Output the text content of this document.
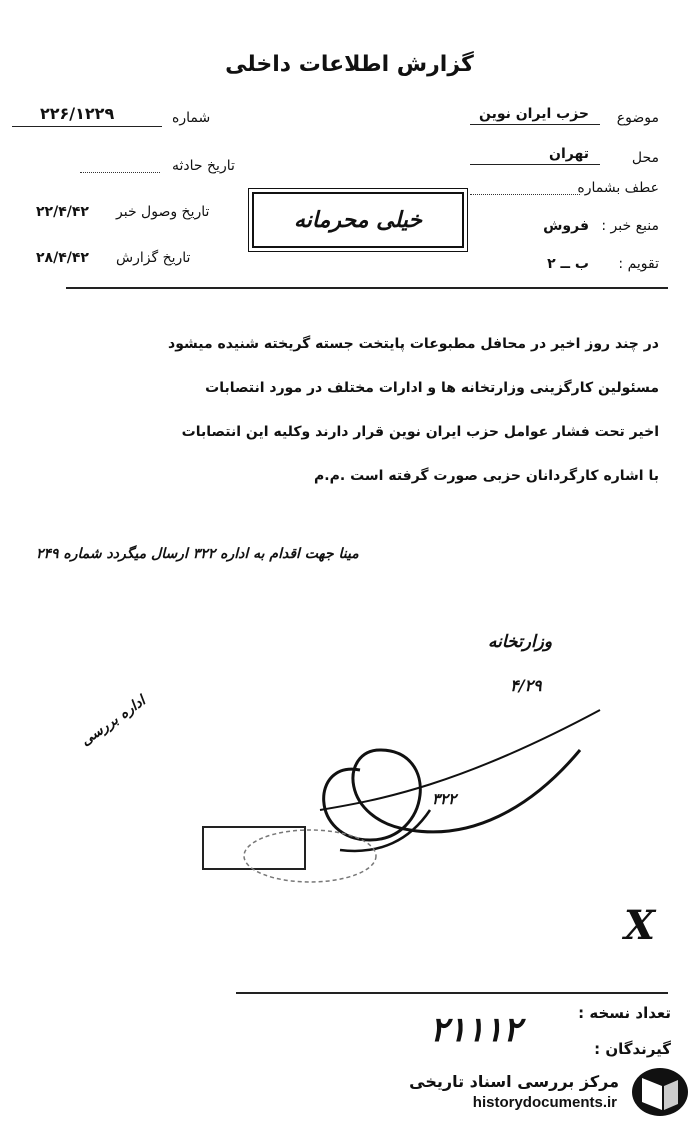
گزارش اطلاعات داخلی
۲۲۶/۱۲۲۹	شماره
تاریخ حادثه
۲۲/۴/۴۲ تاریخ وصول خبر
۲۸/۴/۴۲ تاریخ گزارش
موضوع
حزب ایران نوین
محل
تهران
عطف بشماره
منبع خبر :
فروش
تقویم :
ب ــ ۲
خیلی محرمانه
در چند روز اخیر در محافل مطبوعات پایتخت جسته گریخته شنیده میشود
مسئولین کارگزینی وزارتخانه ها و ادارات مختلف در مورد انتصابات
اخیر تحت فشار عوامل حزب ایران نوین قرار دارند وکلیه این انتصابات
با اشاره کارگردانان حزبی صورت گرفته است .م.م
مینا جهت اقدام به اداره ۳۲۲ ارسال میگردد شماره ۲۴۹
وزارتخانه
۴/۲۹
اداره بررسی
۳۲۲
X
۲۱۱۱۲	تعداد نسخه :
گیرندگان :
مرکز بررسی اسناد تاریخی
historydocuments.ir
